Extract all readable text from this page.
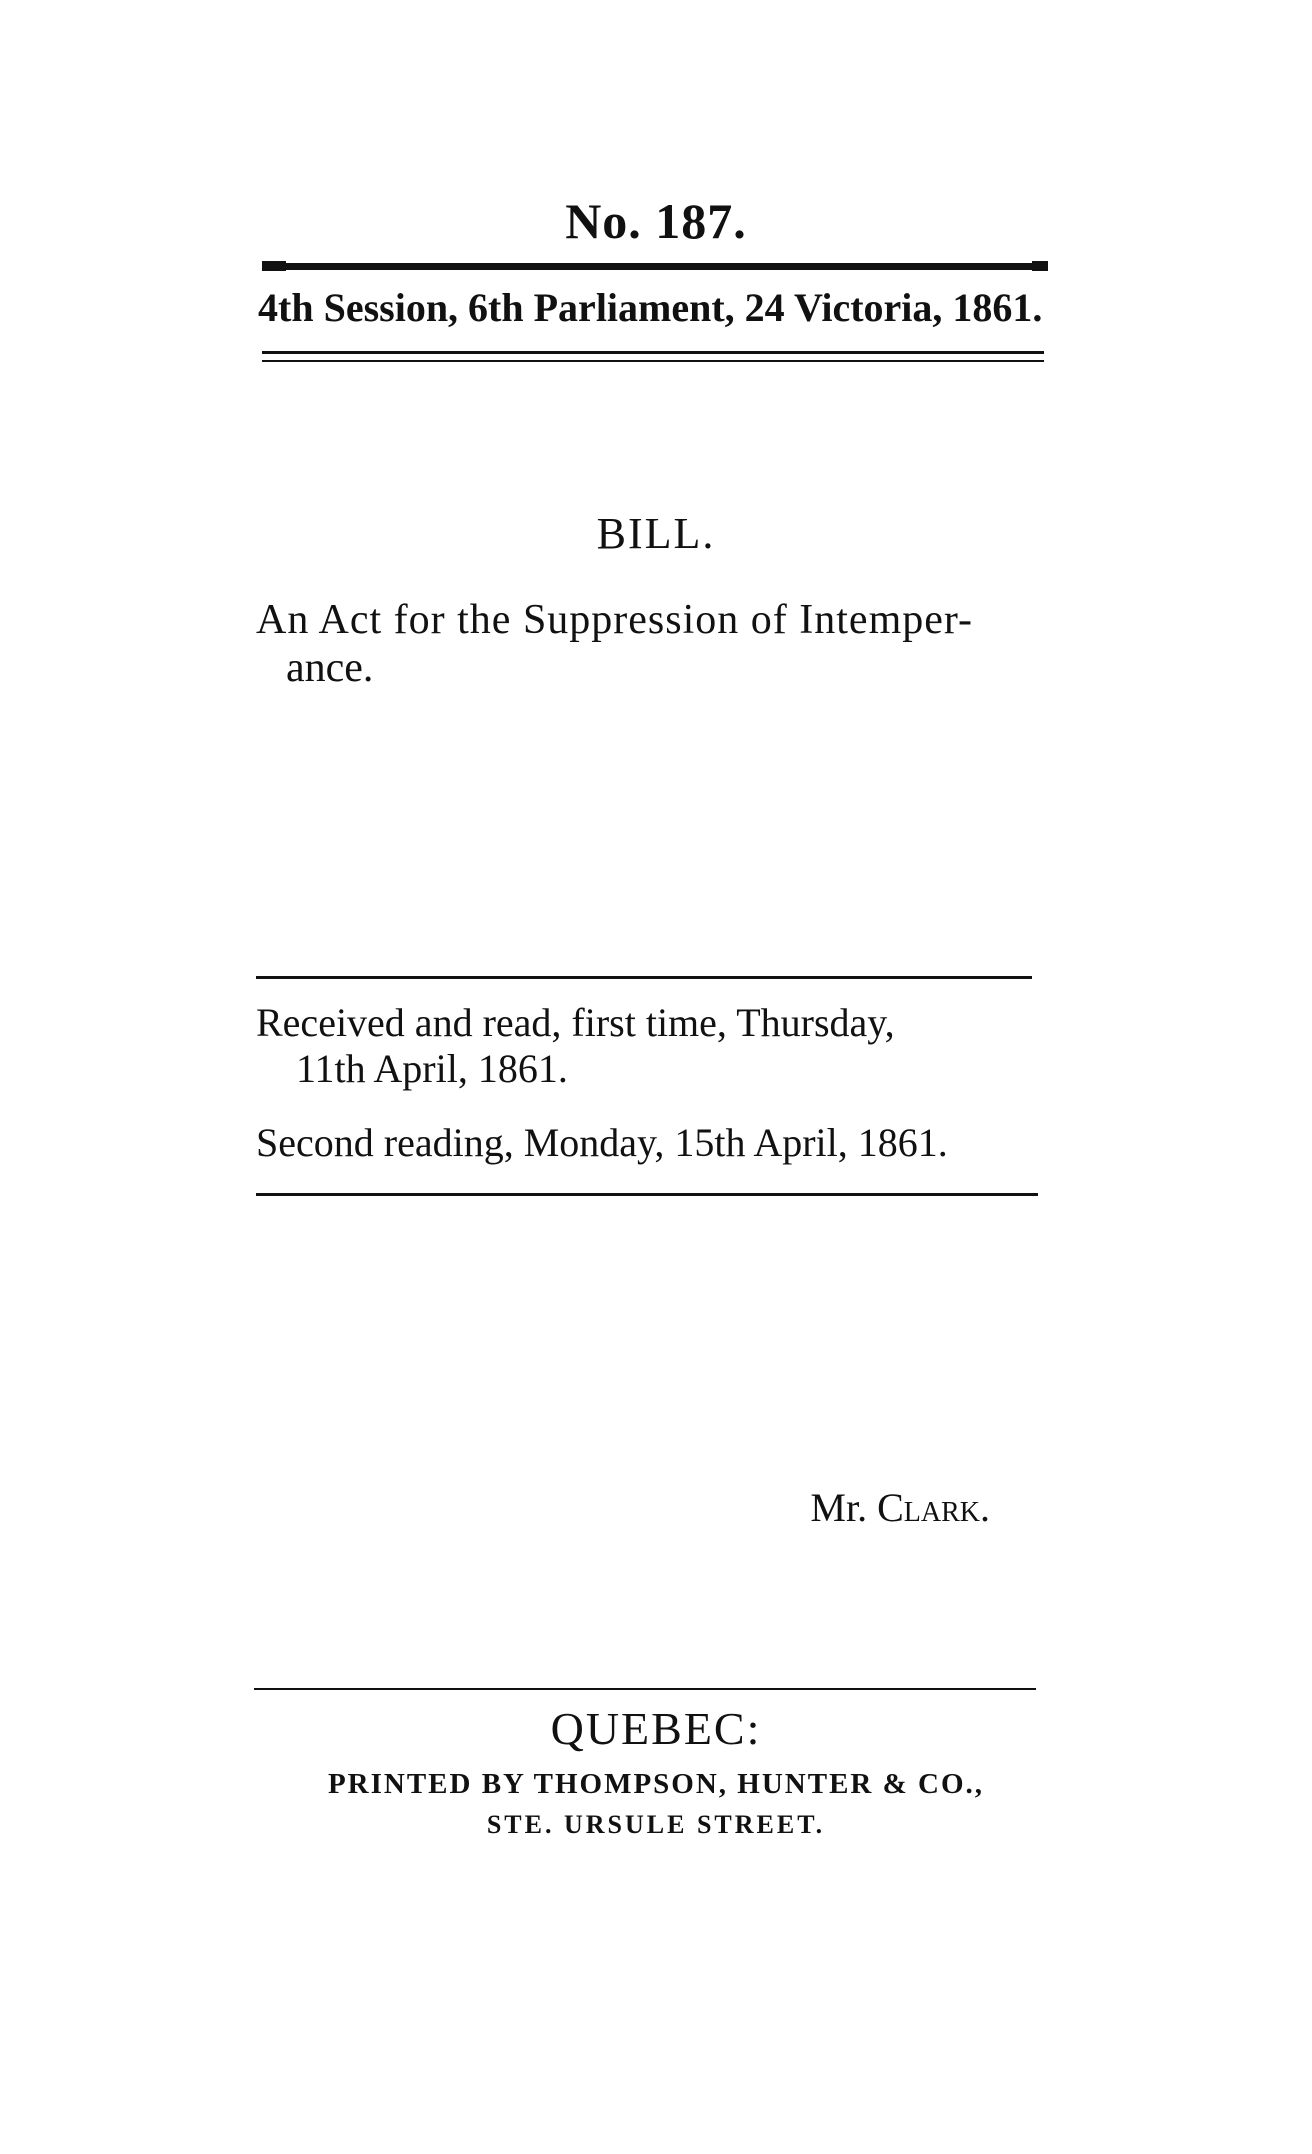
No. 187.
4th Session, 6th Parliament, 24 Victoria, 1861.
BILL.
An Act for the Suppression of Intemper-
ance.
Received and read, first time, Thursday,
11th April, 1861.
Second reading, Monday, 15th April, 1861.
Mr. Clark.
QUEBEC:
PRINTED BY THOMPSON, HUNTER & CO.,
STE. URSULE STREET.
